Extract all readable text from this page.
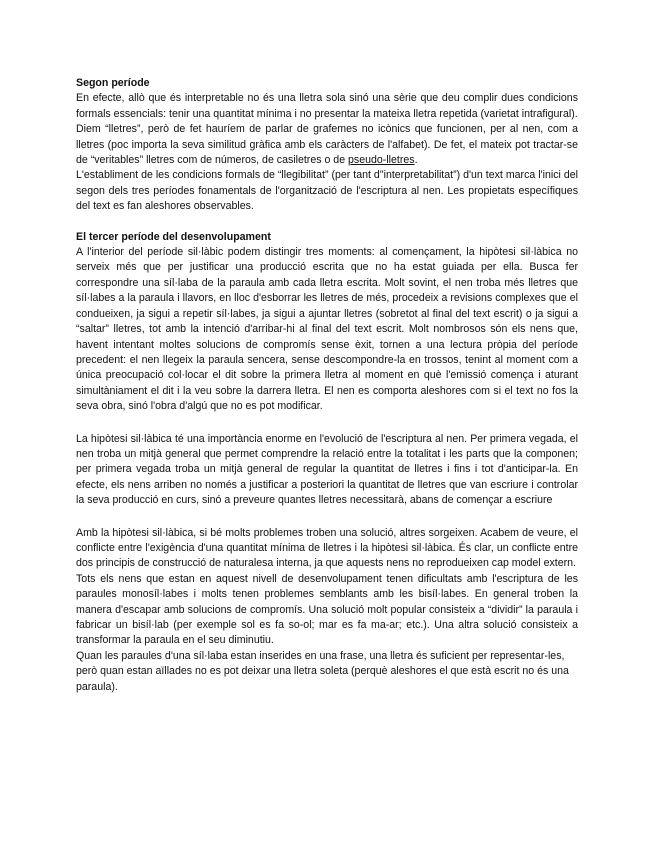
Segon període

En efecte, allò que és interpretable no és una lletra sola sinó una sèrie que deu complir dues condicions formals essencials: tenir una quantitat mínima i no presentar la mateixa lletra repetida (varietat intrafigural).

Diem “lletres”, però de fet hauríem de parlar de grafemes no icònics que funcionen, per al nen, com a lletres (poc importa la seva similitud gràfica amb els caràcters de l'alfabet). De fet, el mateix pot tractar-se de “veritables” lletres com de números, de casiletres o de pseudo-lletres.

L'establiment de les condicions formals de “llegibilitat” (per tant d"interpretabilitat”) d'un text marca l'inici del segon dels tres períodes fonamentals de l'organització de l'escriptura al nen. Les propietats específiques del text es fan aleshores observables.

El tercer període del desenvolupament

A l'interior del període sil·làbic podem distingir tres moments: al començament, la hipòtesi sil·làbica no serveix més que per justificar una producció escrita que no ha estat guiada per ella. Busca fer correspondre una síl·laba de la paraula amb cada lletra escrita. Molt sovint, el nen troba més lletres que síl·labes a la paraula i llavors, en lloc d'esborrar les lletres de més, procedeix a revisions complexes que el condueixen, ja sigui a repetir síl·labes, ja sigui a ajuntar lletres (sobretot al final del text escrit) o ja sigui a “saltar” lletres, tot amb la intenció d'arribar-hi al final del text escrit. Molt nombrosos són els nens que, havent intentant moltes solucions de compromís sense èxit, tornen a una lectura pròpia del període precedent: el nen llegeix la paraula sencera, sense descompondre-la en trossos, tenint al moment com a única preocupació col·locar el dit sobre la primera lletra al moment en què l'emissió comença i aturant simultàniament el dit i la veu sobre la darrera lletra. El nen es comporta aleshores com si el text no fos la seva obra, sinó l'obra d'algú que no es pot modificar.

La hipòtesi sil·làbica té una importància enorme en l'evolució de l'escriptura al nen. Per primera vegada, el nen troba un mitjà general que permet comprendre la relació entre la totalitat i les parts que la componen; per primera vegada troba un mitjà general de regular la quantitat de lletres i fins i tot d'anticipar-la. En efecte, els nens arriben no només a justificar a posteriori la quantitat de lletres que van escriure i controlar la seva producció en curs, sinó a preveure quantes lletres necessitarà, abans de començar a escriure

Amb la hipòtesi sil·làbica, si bé molts problemes troben una solució, altres sorgeixen. Acabem de veure, el conflicte entre l'exigència d'una quantitat mínima de lletres i la hipòtesi sil·làbica. És clar, un conflicte entre dos principis de construcció de naturalesa interna, ja que aquests nens no reprodueixen cap model extern.

Tots els nens que estan en aquest nivell de desenvolupament tenen dificultats amb l'escriptura de les paraules monosíl·labes i molts tenen problemes semblants amb les bisíl·labes. En general troben la manera d'escapar amb solucions de compromís. Una solució molt popular consisteix a “dividir” la paraula i fabricar un bisíl·lab (per exemple sol es fa so-ol; mar es fa ma-ar; etc.). Una altra solució consisteix a transformar la paraula en el seu diminutiu.

Quan les paraules d'una síl·laba estan inserides en una frase, una lletra és suficient per representar-les, però quan estan aïllades no es pot deixar una lletra soleta (perquè aleshores el que està escrit no és una paraula).
